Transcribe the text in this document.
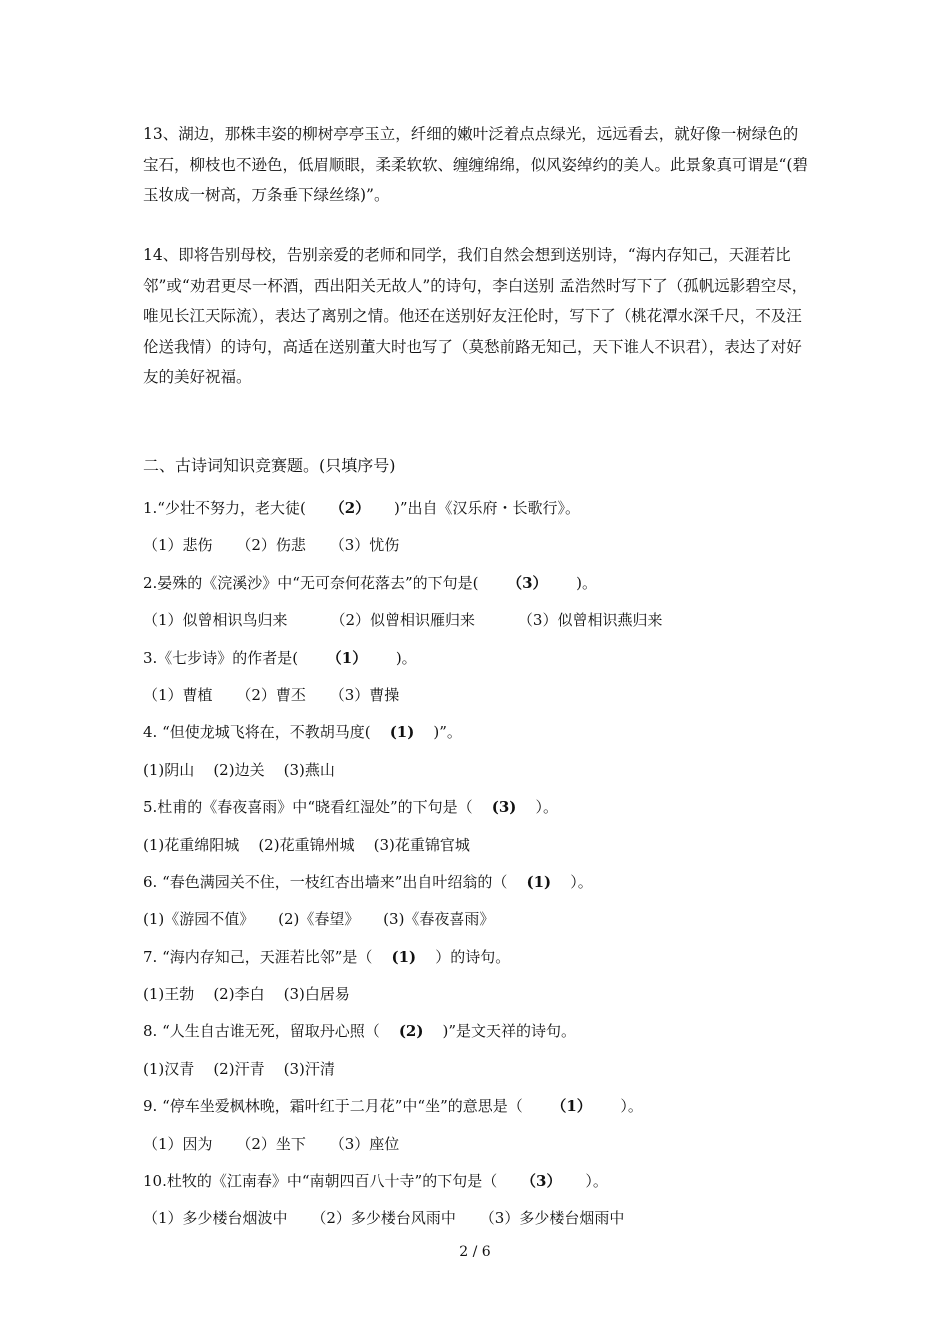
13、湖边，那株丰姿的柳树亭亭玉立，纤细的嫩叶泛着点点绿光，远远看去，就好像一树绿色的宝石，柳枝也不逊色，低眉顺眼，柔柔软软、缠缠绵绵，似风姿绰约的美人。此景象真可谓是“(碧玉妆成一树高，万条垂下绿丝绦)”。

14、即将告别母校，告别亲爱的老师和同学，我们自然会想到送别诗，“海内存知己，天涯若比邻”或“劝君更尽一杯酒，西出阳关无故人”的诗句，李白送别 孟浩然时写下了（孤帆远影碧空尽，唯见长江天际流），表达了离别之情。他还在送别好友汪伦时，写下了（桃花潭水深千尺，不及汪伦送我情）的诗句，高适在送别董大时也写了（莫愁前路无知己，天下谁人不识君），表达了对好友的美好祝福。

二、古诗词知识竞赛题。(只填序号)

1.“少壮不努力，老大徒(     （2）     )”出自《汉乐府・长歌行》。

（1）悲伤     （2）伤悲     （3）忧伤

2.晏殊的《浣溪沙》中“无可奈何花落去”的下句是(      （3）      )。

（1）似曾相识鸟归来         （2）似曾相识雁归来         （3）似曾相识燕归来

3.《七步诗》的作者是(      （1）      )。

（1）曹植     （2）曹丕     （3）曹操

4. “但使龙城飞将在，不教胡马度(    (1)    )”。

(1)阴山    (2)边关    (3)燕山

5.杜甫的《春夜喜雨》中“晓看红湿处”的下句是（    (3)    ）。

(1)花重绵阳城    (2)花重锦州城    (3)花重锦官城

6. “春色满园关不住，一枝红杏出墙来”出自叶绍翁的（    (1)    ）。

(1)《游园不值》     (2)《春望》     (3)《春夜喜雨》

7. “海内存知己，天涯若比邻”是（    (1)    ）的诗句。

(1)王勃    (2)李白    (3)白居易

8. “人生自古谁无死，留取丹心照（    (2)    )”是文天祥的诗句。

(1)汉青    (2)汗青    (3)汗清

9. “停车坐爱枫林晚，霜叶红于二月花”中“坐”的意思是（      （1）      ）。

（1）因为     （2）坐下     （3）座位

10.杜牧的《江南春》中“南朝四百八十寺”的下句是（     （3）     ）。

（1）多少楼台烟波中     （2）多少楼台风雨中     （3）多少楼台烟雨中

2 / 6
